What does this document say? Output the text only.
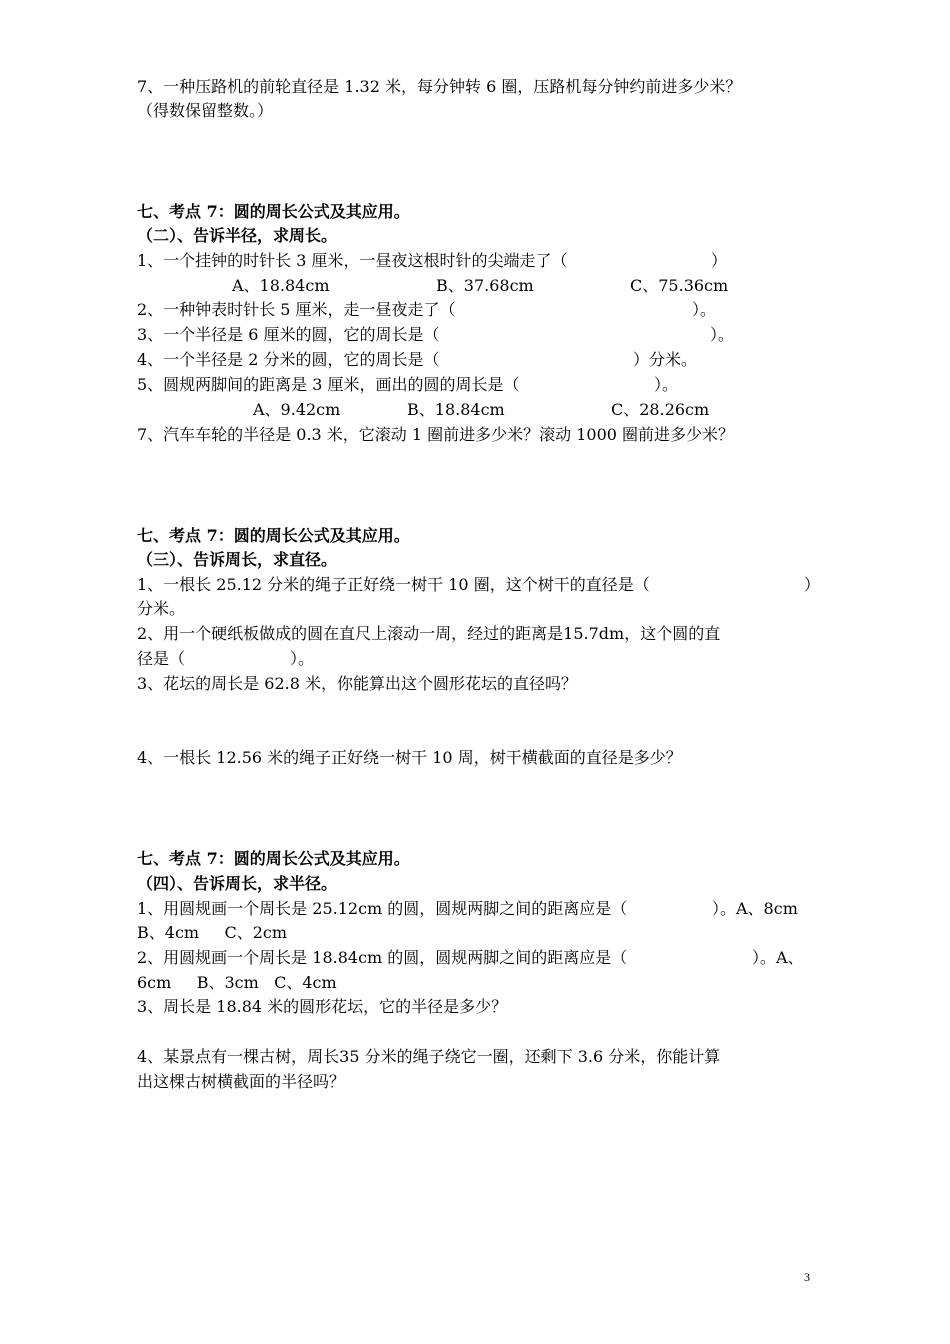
7、一种压路机的前轮直径是 1.32 米，每分钟转 6 圈，压路机每分钟约前进多少米？

（得数保留整数。）

七、考点 7：圆的周长公式及其应用。

（二）、告诉半径，求周长。

1、一个挂钟的时针长 3 厘米，一昼夜这根时针的尖端走了（	）
A、18.84cm	B、37.68cm	C、75.36cm

2、一种钟表时针长 5 厘米，走一昼夜走了（	）。

3、一个半径是 6 厘米的圆，它的周长是（	）。

4、一个半径是 2 分米的圆，它的周长是（	）分米。

5、圆规两脚间的距离是 3 厘米，画出的圆的周长是（	）。
A、9.42cm	B、18.84cm	C、28.26cm

7、汽车车轮的半径是 0.3 米，它滚动 1 圈前进多少米？滚动 1000 圈前进多少米？

七、考点 7：圆的周长公式及其应用。

（三）、告诉周长，求直径。

1、一根长 25.12 分米的绳子正好绕一树干 10 圈，这个树干的直径是（	）

分米。

2、用一个硬纸板做成的圆在直尺上滚动一周，经过的距离是15.7dm，这个圆的直

径是（	）。

3、花坛的周长是 62.8 米，你能算出这个圆形花坛的直径吗？

4、一根长 12.56 米的绳子正好绕一树干 10 周，树干横截面的直径是多少？

七、考点 7：圆的周长公式及其应用。

（四）、告诉周长，求半径。

1、用圆规画一个周长是 25.12cm 的圆，圆规两脚之间的距离应是（	）。A、8cm

B、4cm     C、2cm

2、用圆规画一个周长是 18.84cm 的圆，圆规两脚之间的距离应是（	）。A、

6cm     B、3cm   C、4cm

3、周长是 18.84 米的圆形花坛，它的半径是多少？

4、某景点有一棵古树，周长35 分米的绳子绕它一圈，还剩下 3.6 分米，你能计算

出这棵古树横截面的半径吗？

3
